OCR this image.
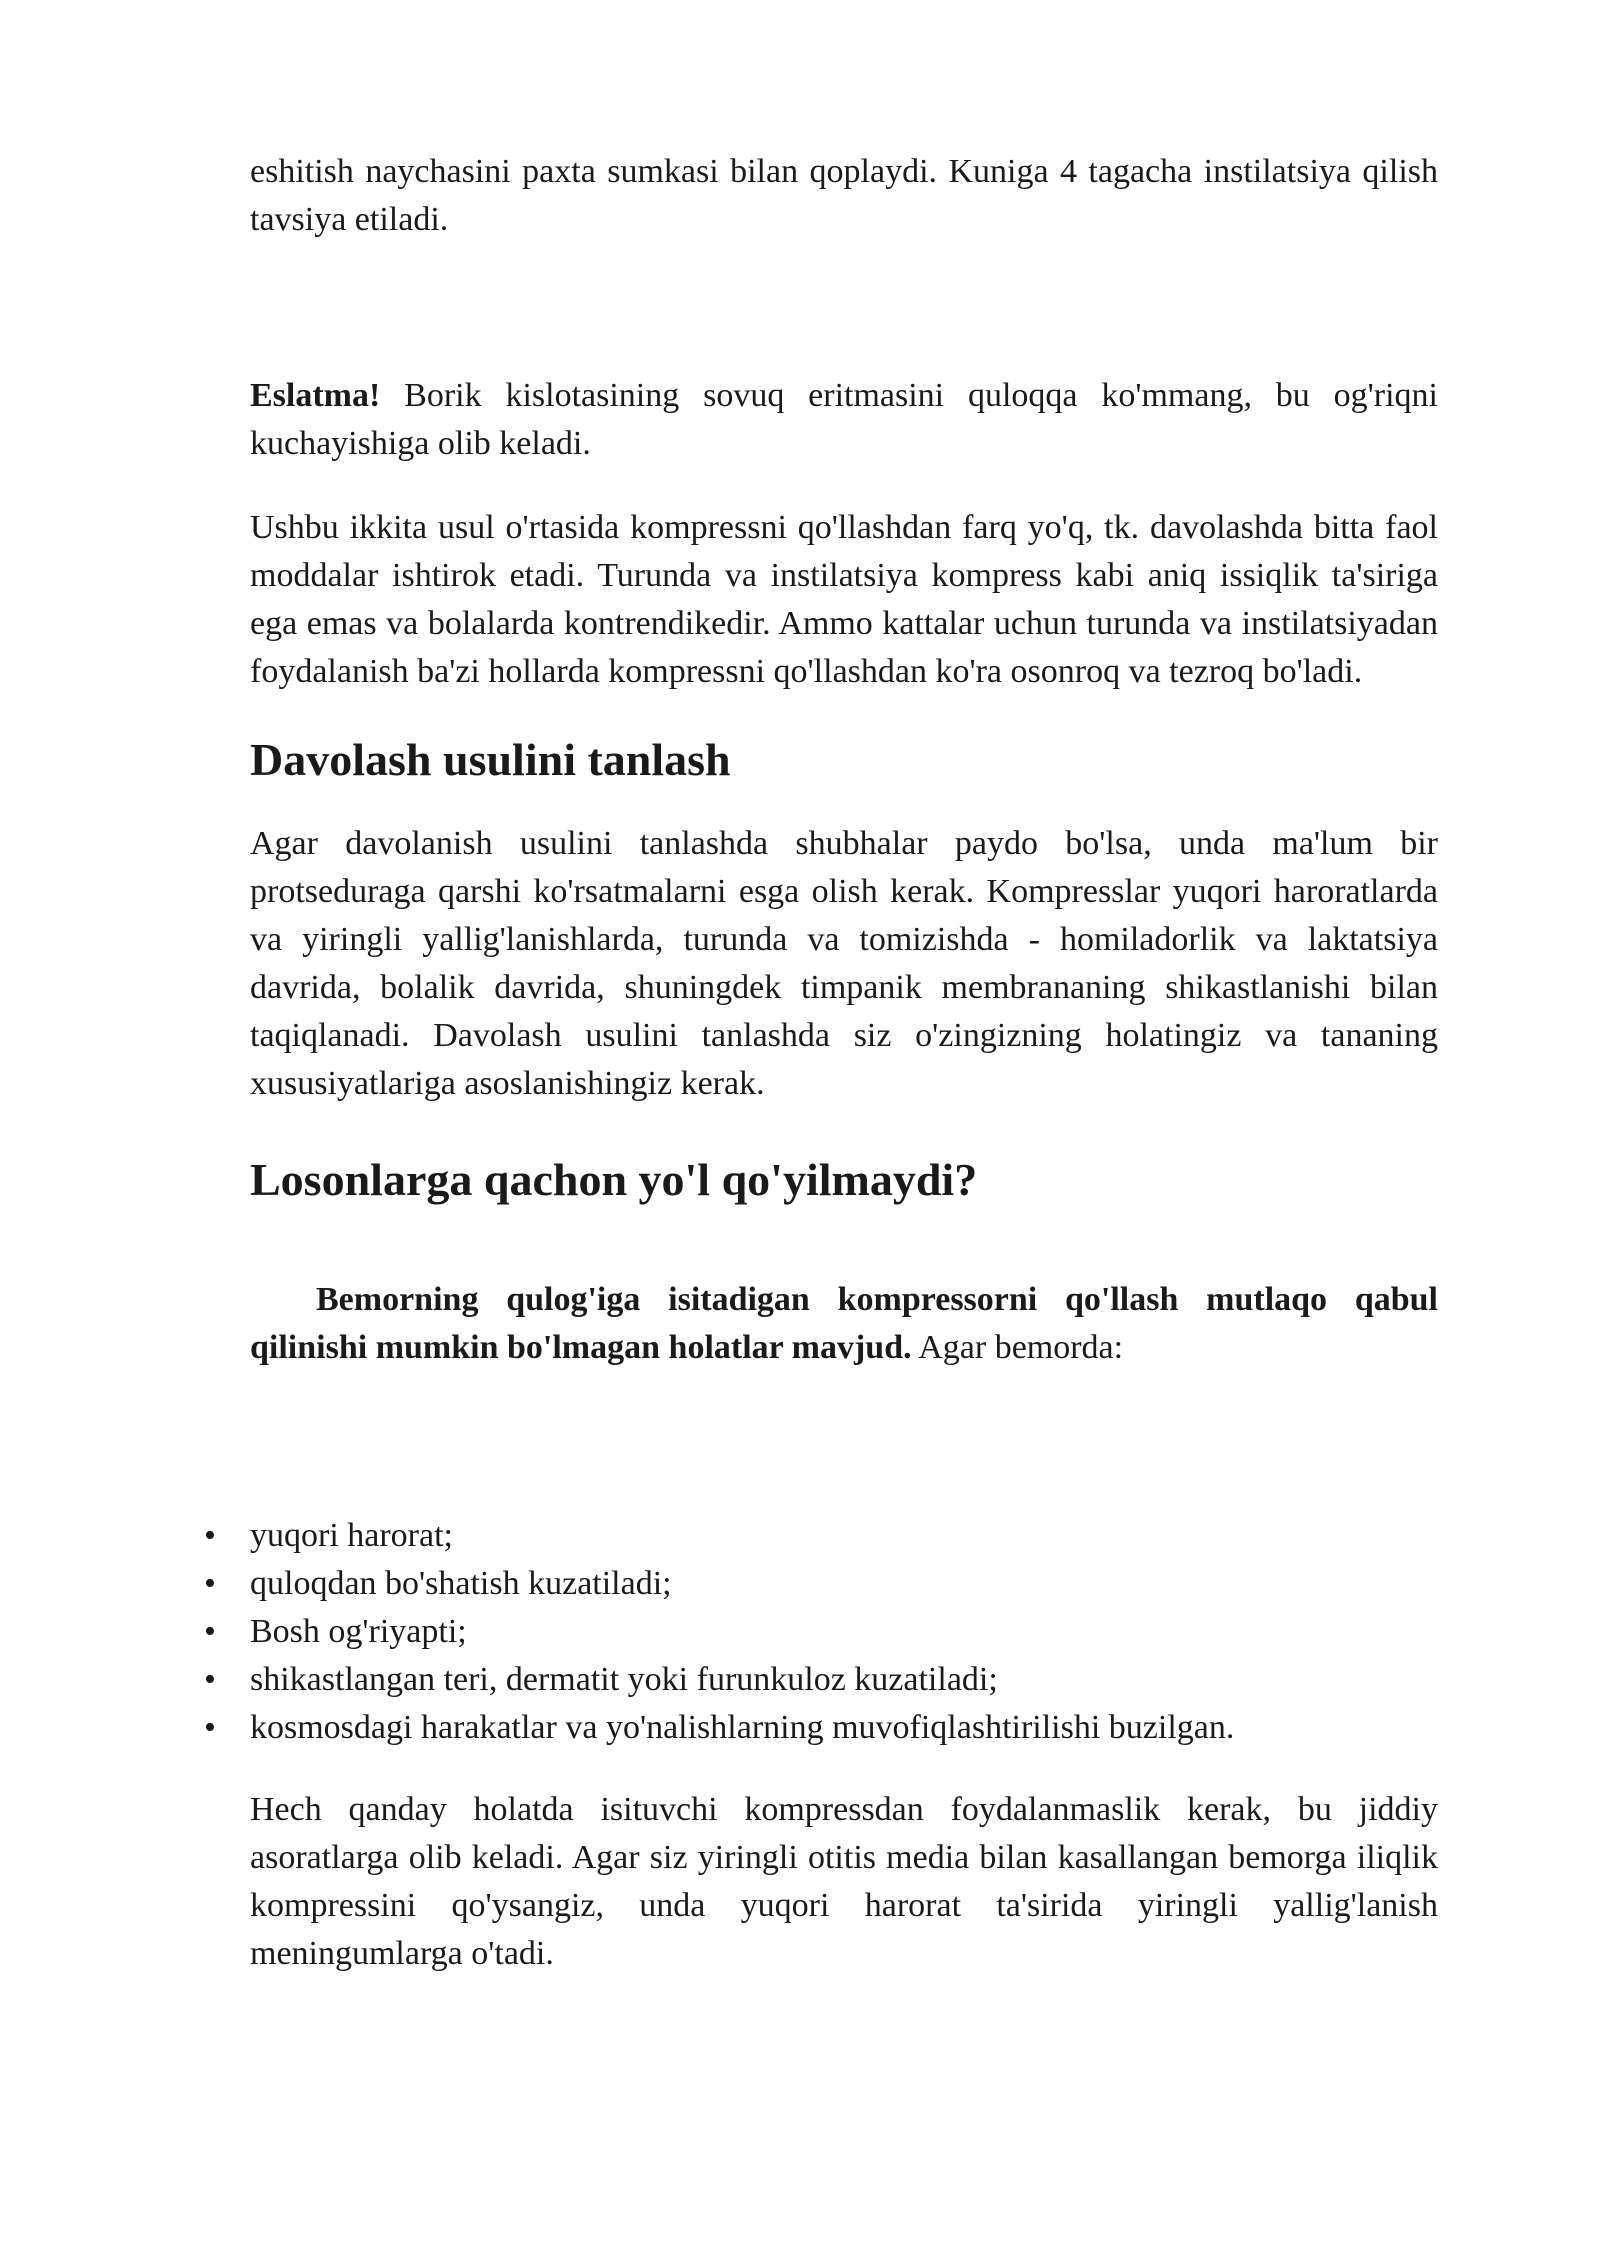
eshitish naychasini paxta sumkasi bilan qoplaydi. Kuniga 4 tagacha instilatsiya qilish tavsiya etiladi.

Eslatma! Borik kislotasining sovuq eritmasini quloqqa ko'mmang, bu og'riqni kuchayishiga olib keladi.

Ushbu ikkita usul o'rtasida kompressni qo'llashdan farq yo'q, tk. davolashda bitta faol moddalar ishtirok etadi. Turunda va instilatsiya kompress kabi aniq issiqlik ta'siriga ega emas va bolalarda kontrendikedir. Ammo kattalar uchun turunda va instilatsiyadan foydalanish ba'zi hollarda kompressni qo'llashdan ko'ra osonroq va tezroq bo'ladi.

Davolash usulini tanlash

Agar davolanish usulini tanlashda shubhalar paydo bo'lsa, unda ma'lum bir protseduraga qarshi ko'rsatmalarni esga olish kerak. Kompresslar yuqori haroratlarda va yiringli yallig'lanishlarda, turunda va tomizishda - homiladorlik va laktatsiya davrida, bolalik davrida, shuningdek timpanik membrananing shikastlanishi bilan taqiqlanadi. Davolash usulini tanlashda siz o'zingizning holatingiz va tananing xususiyatlariga asoslanishingiz kerak.

Losonlarga qachon yo'l qo'yilmaydi?

Bemorning qulog'iga isitadigan kompressorni qo'llash mutlaqo qabul qilinishi mumkin bo'lmagan holatlar mavjud. Agar bemorda:

• yuqori harorat;
• quloqdan bo'shatish kuzatiladi;
• Bosh og'riyapti;
• shikastlangan teri, dermatit yoki furunkuloz kuzatiladi;
• kosmosdagi harakatlar va yo'nalishlarning muvofiqlashtirilishi buzilgan.

Hech qanday holatda isituvchi kompressdan foydalanmaslik kerak, bu jiddiy asoratlarga olib keladi. Agar siz yiringli otitis media bilan kasallangan bemorga iliqlik kompressini qo'ysangiz, unda yuqori harorat ta'sirida yiringli yallig'lanish meningumlarga o'tadi.
